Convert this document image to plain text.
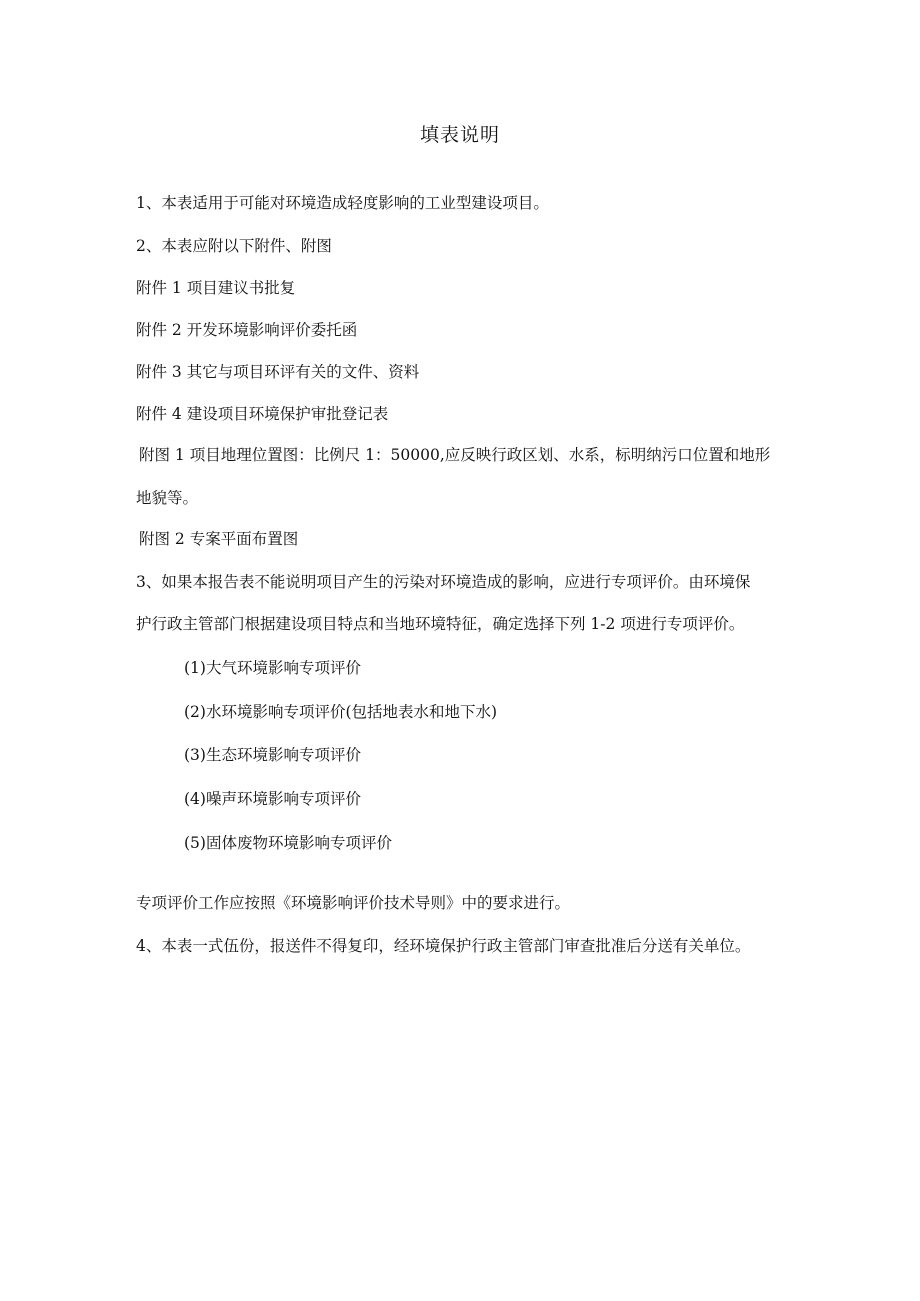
填表说明
1、本表适用于可能对环境造成轻度影响的工业型建设项目。
2、本表应附以下附件、附图
附件 1 项目建议书批复
附件 2 开发环境影响评价委托函
附件 3 其它与项目环评有关的文件、资料
附件 4 建设项目环境保护审批登记表
附图 1 项目地理位置图：比例尺 1：50000,应反映行政区划、水系，标明纳污口位置和地形
地貌等。
附图 2 专案平面布置图
3、如果本报告表不能说明项目产生的污染对环境造成的影响，应进行专项评价。由环境保
护行政主管部门根据建设项目特点和当地环境特征，确定选择下列 1-2 项进行专项评价。
(1)大气环境影响专项评价
(2)水环境影响专项评价(包括地表水和地下水)
(3)生态环境影响专项评价
(4)噪声环境影响专项评价
(5)固体废物环境影响专项评价
专项评价工作应按照《环境影响评价技术导则》中的要求进行。
4、本表一式伍份，报送件不得复印，经环境保护行政主管部门审查批准后分送有关单位。
